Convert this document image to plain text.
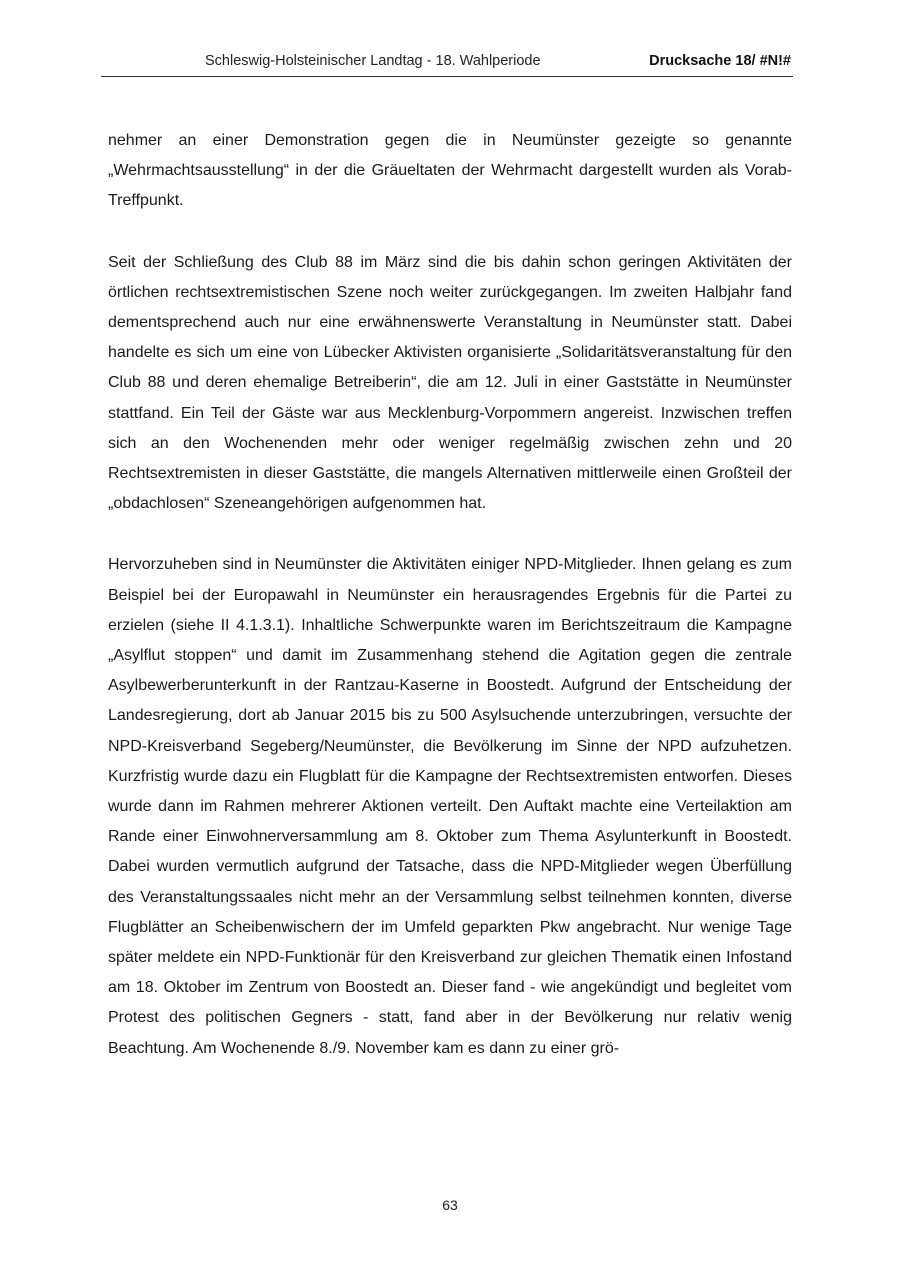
Schleswig-Holsteinischer Landtag - 18. Wahlperiode	Drucksache 18/ #N!#

nehmer an einer Demonstration gegen die in Neumünster gezeigte so genannte „Wehrmachtsausstellung“ in der die Gräueltaten der Wehrmacht dargestellt wurden als Vorab-Treffpunkt.

Seit der Schließung des Club 88 im März sind die bis dahin schon geringen Aktivitäten der örtlichen rechtsextremistischen Szene noch weiter zurückgegangen. Im zweiten Halbjahr fand dementsprechend auch nur eine erwähnenswerte Veranstaltung in Neumünster statt. Dabei handelte es sich um eine von Lübecker Aktivisten organisierte „Solidaritätsveranstaltung für den Club 88 und deren ehemalige Betreiberin“, die am 12. Juli in einer Gaststätte in Neumünster stattfand. Ein Teil der Gäste war aus Mecklenburg-Vorpommern angereist. Inzwischen treffen sich an den Wochenenden mehr oder weniger regelmäßig zwischen zehn und 20 Rechtsextremisten in dieser Gaststätte, die mangels Alternativen mittlerweile einen Großteil der „obdachlosen“ Szeneangehörigen aufgenommen hat.

Hervorzuheben sind in Neumünster die Aktivitäten einiger NPD-Mitglieder. Ihnen gelang es zum Beispiel bei der Europawahl in Neumünster ein herausragendes Ergebnis für die Partei zu erzielen (siehe II 4.1.3.1). Inhaltliche Schwerpunkte waren im Berichtszeitraum die Kampagne „Asylflut stoppen“ und damit im Zusammenhang stehend die Agitation gegen die zentrale Asylbewerberunterkunft in der Rantzau-Kaserne in Boostedt. Aufgrund der Entscheidung der Landesregierung, dort ab Januar 2015 bis zu 500 Asylsuchende unterzubringen, versuchte der NPD-Kreisverband Segeberg/Neumünster, die Bevölkerung im Sinne der NPD aufzuhetzen. Kurzfristig wurde dazu ein Flugblatt für die Kampagne der Rechtsextremisten entworfen. Dieses wurde dann im Rahmen mehrerer Aktionen verteilt. Den Auftakt machte eine Verteilaktion am Rande einer Einwohnerversammlung am 8. Oktober zum Thema Asylunterkunft in Boostedt. Dabei wurden vermutlich aufgrund der Tatsache, dass die NPD-Mitglieder wegen Überfüllung des Veranstaltungssaales nicht mehr an der Versammlung selbst teilnehmen konnten, diverse Flugblätter an Scheibenwischern der im Umfeld geparkten Pkw angebracht. Nur wenige Tage später meldete ein NPD-Funktionär für den Kreisverband zur gleichen Thematik einen Infostand am 18. Oktober im Zentrum von Boostedt an. Dieser fand - wie angekündigt und begleitet vom Protest des politischen Gegners - statt, fand aber in der Bevölkerung nur relativ wenig Beachtung. Am Wochenende 8./9. November kam es dann zu einer grö-

63
